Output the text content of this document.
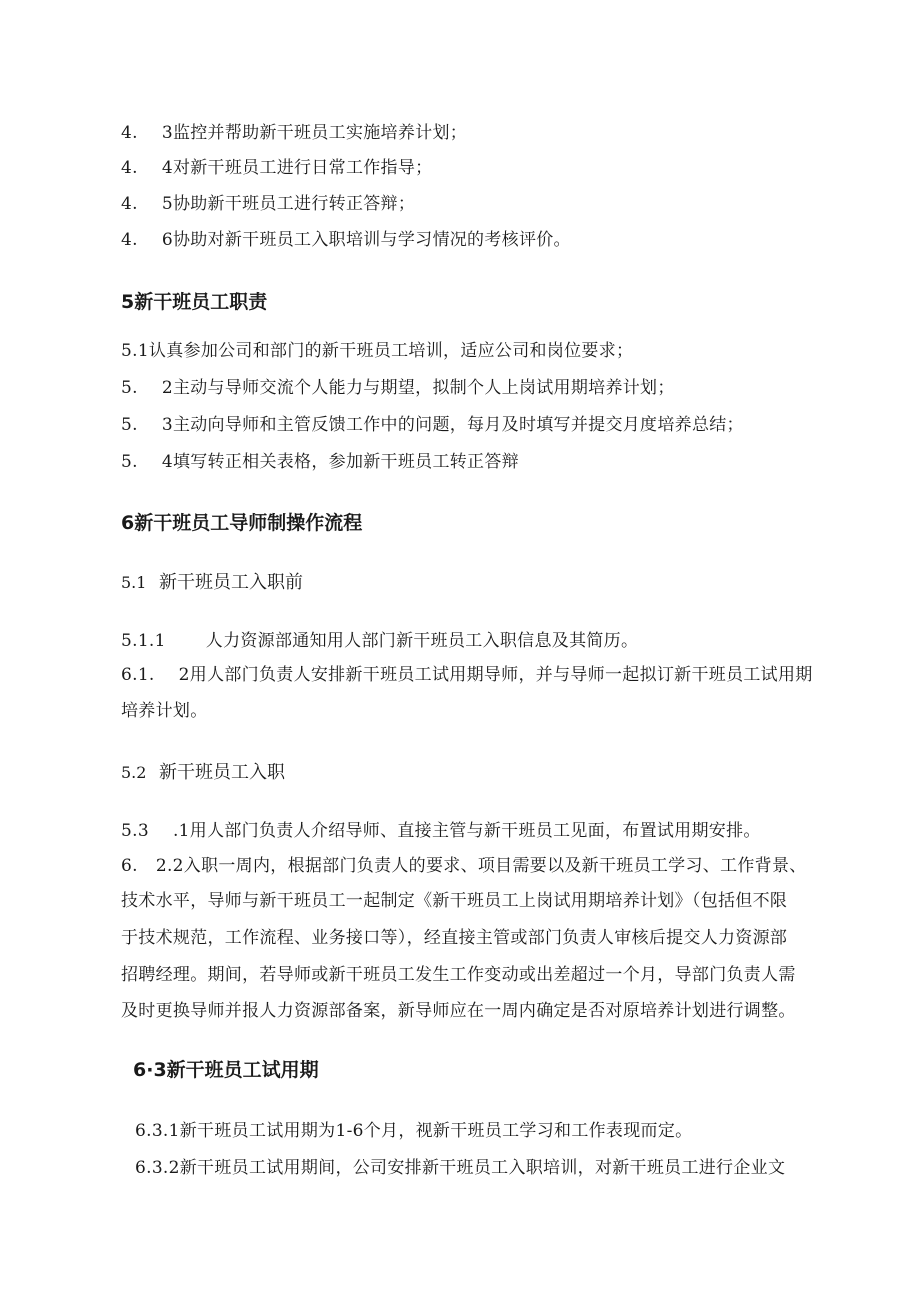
4. 3监控并帮助新干班员工实施培养计划；
4. 4对新干班员工进行日常工作指导；
4. 5协助新干班员工进行转正答辩；
4. 6协助对新干班员工入职培训与学习情况的考核评价。
5新干班员工职责
5.1认真参加公司和部门的新干班员工培训，适应公司和岗位要求；
5. 2主动与导师交流个人能力与期望，拟制个人上岗试用期培养计划；
5. 3主动向导师和主管反馈工作中的问题，每月及时填写并提交月度培养总结；
5. 4填写转正相关表格，参加新干班员工转正答辩
6新干班员工导师制操作流程
5.1 新干班员工入职前
5.1.1 人力资源部通知用人部门新干班员工入职信息及其简历。
6.1. 2用人部门负责人安排新干班员工试用期导师，并与导师一起拟订新干班员工试用期
培养计划。
5.2 新干班员工入职
5.3 .1用人部门负责人介绍导师、直接主管与新干班员工见面，布置试用期安排。
6. 2.2入职一周内，根据部门负责人的要求、项目需要以及新干班员工学习、工作背景、
技术水平，导师与新干班员工一起制定《新干班员工上岗试用期培养计划》（包括但不限
于技术规范，工作流程、业务接口等），经直接主管或部门负责人审核后提交人力资源部
招聘经理。期间，若导师或新干班员工发生工作变动或出差超过一个月，导部门负责人需
及时更换导师并报人力资源部备案，新导师应在一周内确定是否对原培养计划进行调整。
6·3新干班员工试用期
6.3.1新干班员工试用期为1-6个月，视新干班员工学习和工作表现而定。
6.3.2新干班员工试用期间，公司安排新干班员工入职培训，对新干班员工进行企业文
